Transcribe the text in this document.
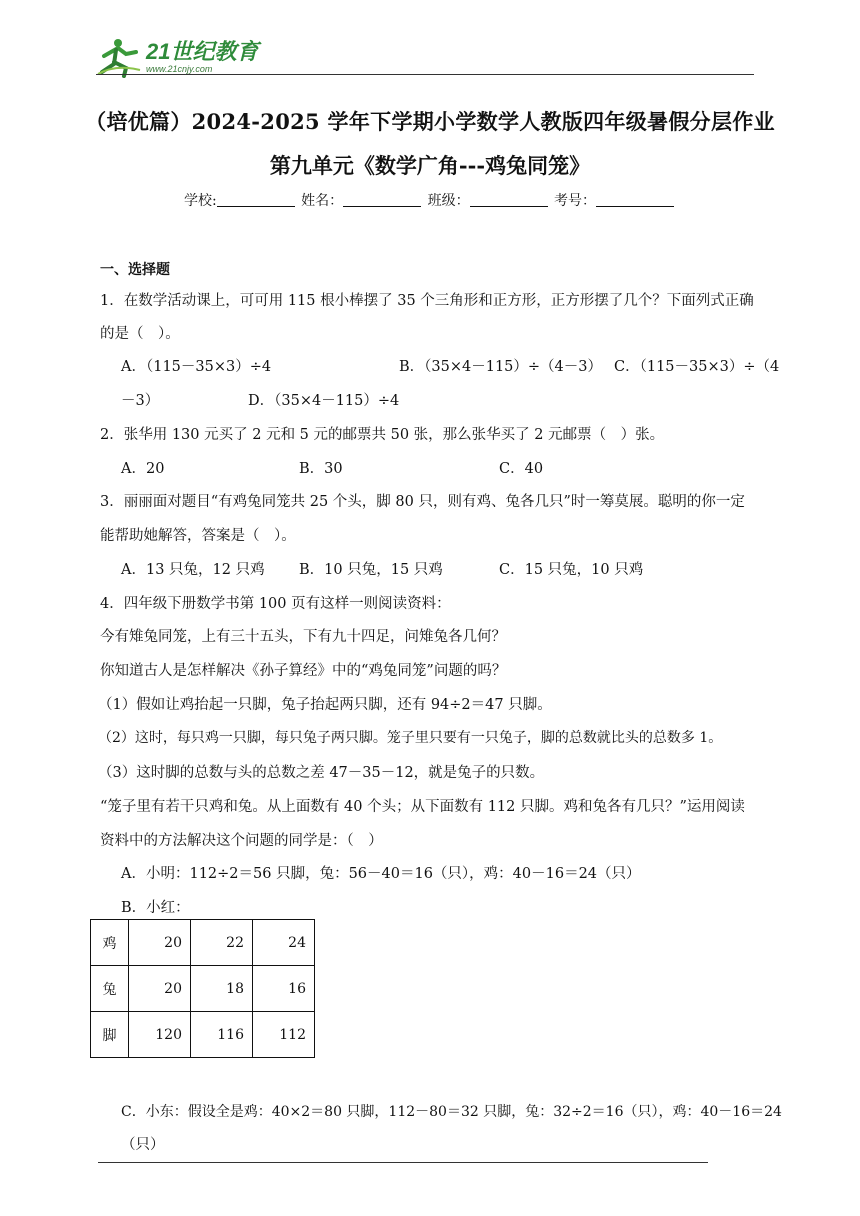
21世纪教育
www.21cnjy.com
（培优篇）2024-2025 学年下学期小学数学人教版四年级暑假分层作业
第九单元《数学广角---鸡兔同笼》
学校:	姓名：	班级：	考号：
一、选择题
1．在数学活动课上，可可用 115 根小棒摆了 35 个三角形和正方形，正方形摆了几个？下面列式正确
的是（　）。
A．（115－35×3）÷4	B．（35×4－115）÷（4－3） C．（115－35×3）÷（4
－3）	D．（35×4－115）÷4
2．张华用 130 元买了 2 元和 5 元的邮票共 50 张，那么张华买了 2 元邮票（　）张。
A．20	B．30	C．40
3．丽丽面对题目“有鸡兔同笼共 25 个头，脚 80 只，则有鸡、兔各几只”时一筹莫展。聪明的你一定
能帮助她解答，答案是（　）。
A．13 只兔，12 只鸡 B．10 只兔，15 只鸡	C．15 只兔，10 只鸡
4．四年级下册数学书第 100 页有这样一则阅读资料：
今有雉兔同笼，上有三十五头，下有九十四足，问雉兔各几何？
你知道古人是怎样解决《孙子算经》中的“鸡兔同笼”问题的吗？
（1）假如让鸡抬起一只脚，兔子抬起两只脚，还有 94÷2＝47 只脚。
（2）这时，每只鸡一只脚，每只兔子两只脚。笼子里只要有一只兔子，脚的总数就比头的总数多 1。
（3）这时脚的总数与头的总数之差 47－35－12，就是兔子的只数。
“笼子里有若干只鸡和兔。从上面数有 40 个头；从下面数有 112 只脚。鸡和兔各有几只？”运用阅读
资料中的方法解决这个问题的同学是：（　）
A．小明：112÷2＝56 只脚，兔：56－40＝16（只），鸡：40－16＝24（只）
B．小红：
鸡	20	22	24
兔	20	18	16
脚	120	116	112
C．小东：假设全是鸡：40×2＝80 只脚，112－80＝32 只脚，兔：32÷2＝16（只），鸡：40－16＝24
（只）
